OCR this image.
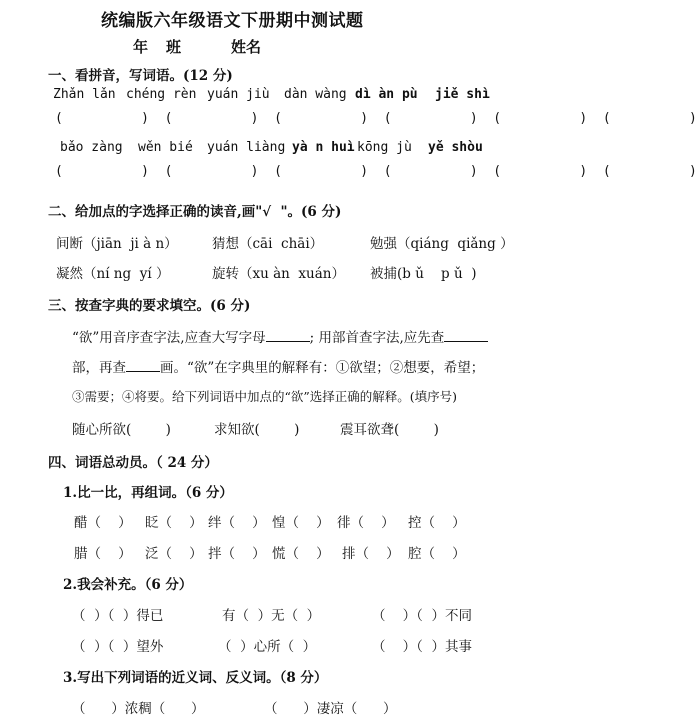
统编版六年级语文下册期中测试题
年 班	姓名
一、看拼音，写词语。(12 分)
Zhǎn lǎn chéng rèn yuán jiù dàn wàng dì àn pù jiě shì
(          )  (          )  (          )  (          )  (          )  (          )
bǎo zàng wěn bié yuán liàng yà n huì kōng jù yě shòu
(          )  (          )  (          )  (          )  (          )  (          )
二、给加点的字选择正确的读音,画"√  "。(6 分)
间断（jiān  ji à n）	猜想（cāi  chāi）	勉强（qiáng  qiǎng ）
凝然（ní ng  yí ）	旋转（xu àn  xuán） 被捕(b ǔ    p ǔ  )
三、按查字典的要求填空。(6 分)
“欲”用音序查字法,应查大写字母	; 用部首查字法,应先查
部，再查	画。“欲”在字典里的解释有：①欲望；②想要，希望；
③需要；④将要。给下列词语中加点的“欲”选择正确的解释。(填序号)
随心所欲(        )	求知欲(        )	震耳欲聋(        )
四、词语总动员。（ 24 分）
1.比一比，再组词。（6 分）
醋（    ） 眨（    ） 绊（    ） 惶（    ） 徘（    ） 控（    ）
腊（    ） 泛（    ） 拌（    ） 慌（    ） 排（    ） 腔（    ）
2.我会补充。（6 分）
（  ）（  ）得已	有（  ）无（  ）	（    ）（  ）不同
（  ）（  ）望外	（  ）心所（  ）	（    ）（  ）其事
3.写出下列词语的近义词、反义词。（8 分）
（      ）浓稠（      ）	（      ）凄凉（      ）
